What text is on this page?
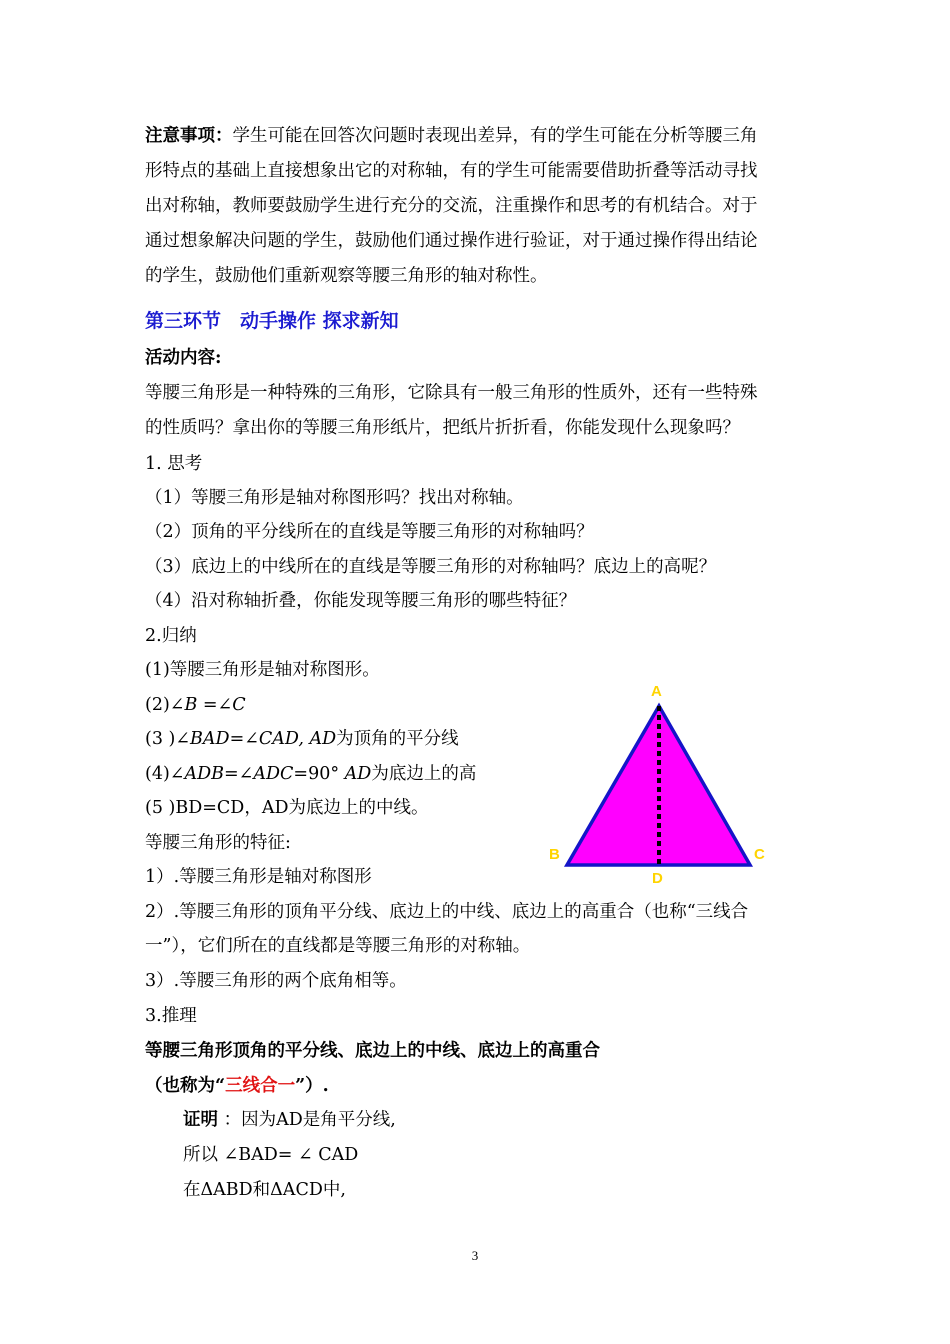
注意事项：学生可能在回答次问题时表现出差异，有的学生可能在分析等腰三角
形特点的基础上直接想象出它的对称轴，有的学生可能需要借助折叠等活动寻找
出对称轴，教师要鼓励学生进行充分的交流，注重操作和思考的有机结合。对于
通过想象解决问题的学生，鼓励他们通过操作进行验证，对于通过操作得出结论
的学生，鼓励他们重新观察等腰三角形的轴对称性。
第三环节　动手操作 探求新知
活动内容:
等腰三角形是一种特殊的三角形，它除具有一般三角形的性质外，还有一些特殊
的性质吗？拿出你的等腰三角形纸片，把纸片折折看，你能发现什么现象吗？
1. 思考
（1）等腰三角形是轴对称图形吗？找出对称轴。
（2）顶角的平分线所在的直线是等腰三角形的对称轴吗？
（3）底边上的中线所在的直线是等腰三角形的对称轴吗？底边上的高呢？
（4）沿对称轴折叠，你能发现等腰三角形的哪些特征？
2.归纳
(1)等腰三角形是轴对称图形。
(2)∠B =∠C
(3 )∠BAD=∠CAD, AD为顶角的平分线
(4)∠ADB=∠ADC=90° AD为底边上的高
(5 )BD=CD，AD为底边上的中线。
等腰三角形的特征:
1）.等腰三角形是轴对称图形
2）.等腰三角形的顶角平分线、底边上的中线、底边上的高重合（也称“三线合
一”），它们所在的直线都是等腰三角形的对称轴。
3）.等腰三角形的两个底角相等。
3.推理
等腰三角形顶角的平分线、底边上的中线、底边上的高重合
（也称为“三线合一”）.
证明 ：因为AD是角平分线,
所以 ∠BAD= ∠ CAD
在ΔABD和ΔACD中,
A
B	C
D
3
